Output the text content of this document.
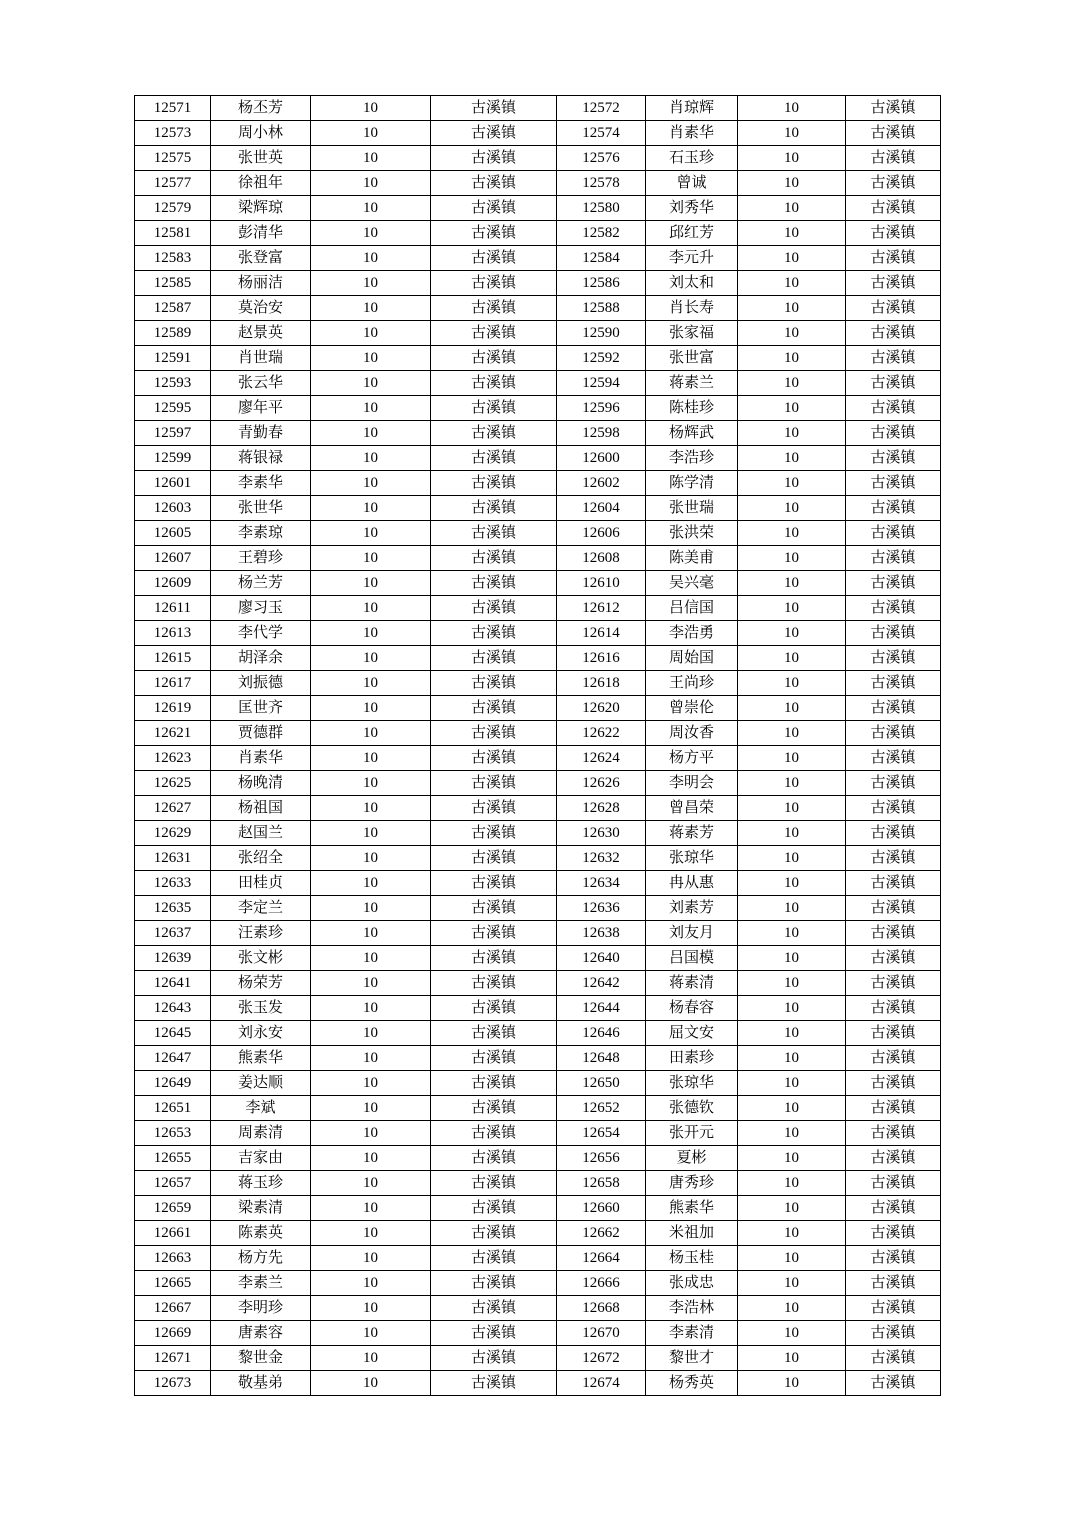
12571	杨丕芳	10	古溪镇	12572	肖琼辉	10	古溪镇
12573	周小林	10	古溪镇	12574	肖素华	10	古溪镇
12575	张世英	10	古溪镇	12576	石玉珍	10	古溪镇
12577	徐祖年	10	古溪镇	12578	曾诚	10	古溪镇
12579	梁辉琼	10	古溪镇	12580	刘秀华	10	古溪镇
12581	彭清华	10	古溪镇	12582	邱红芳	10	古溪镇
12583	张登富	10	古溪镇	12584	李元升	10	古溪镇
12585	杨丽洁	10	古溪镇	12586	刘太和	10	古溪镇
12587	莫治安	10	古溪镇	12588	肖长寿	10	古溪镇
12589	赵景英	10	古溪镇	12590	张家福	10	古溪镇
12591	肖世瑞	10	古溪镇	12592	张世富	10	古溪镇
12593	张云华	10	古溪镇	12594	蒋素兰	10	古溪镇
12595	廖年平	10	古溪镇	12596	陈桂珍	10	古溪镇
12597	青勤春	10	古溪镇	12598	杨辉武	10	古溪镇
12599	蒋银禄	10	古溪镇	12600	李浩珍	10	古溪镇
12601	李素华	10	古溪镇	12602	陈学清	10	古溪镇
12603	张世华	10	古溪镇	12604	张世瑞	10	古溪镇
12605	李素琼	10	古溪镇	12606	张洪荣	10	古溪镇
12607	王碧珍	10	古溪镇	12608	陈美甫	10	古溪镇
12609	杨兰芳	10	古溪镇	12610	吴兴毫	10	古溪镇
12611	廖习玉	10	古溪镇	12612	吕信国	10	古溪镇
12613	李代学	10	古溪镇	12614	李浩勇	10	古溪镇
12615	胡泽余	10	古溪镇	12616	周始国	10	古溪镇
12617	刘振德	10	古溪镇	12618	王尚珍	10	古溪镇
12619	匡世齐	10	古溪镇	12620	曾崇伦	10	古溪镇
12621	贾德群	10	古溪镇	12622	周汝香	10	古溪镇
12623	肖素华	10	古溪镇	12624	杨方平	10	古溪镇
12625	杨晚清	10	古溪镇	12626	李明会	10	古溪镇
12627	杨祖国	10	古溪镇	12628	曾昌荣	10	古溪镇
12629	赵国兰	10	古溪镇	12630	蒋素芳	10	古溪镇
12631	张绍全	10	古溪镇	12632	张琼华	10	古溪镇
12633	田桂贞	10	古溪镇	12634	冉从惠	10	古溪镇
12635	李定兰	10	古溪镇	12636	刘素芳	10	古溪镇
12637	汪素珍	10	古溪镇	12638	刘友月	10	古溪镇
12639	张文彬	10	古溪镇	12640	吕国模	10	古溪镇
12641	杨荣芳	10	古溪镇	12642	蒋素清	10	古溪镇
12643	张玉发	10	古溪镇	12644	杨春容	10	古溪镇
12645	刘永安	10	古溪镇	12646	屈文安	10	古溪镇
12647	熊素华	10	古溪镇	12648	田素珍	10	古溪镇
12649	姜达顺	10	古溪镇	12650	张琼华	10	古溪镇
12651	李斌	10	古溪镇	12652	张德钦	10	古溪镇
12653	周素清	10	古溪镇	12654	张开元	10	古溪镇
12655	吉家由	10	古溪镇	12656	夏彬	10	古溪镇
12657	蒋玉珍	10	古溪镇	12658	唐秀珍	10	古溪镇
12659	梁素清	10	古溪镇	12660	熊素华	10	古溪镇
12661	陈素英	10	古溪镇	12662	米祖加	10	古溪镇
12663	杨方先	10	古溪镇	12664	杨玉桂	10	古溪镇
12665	李素兰	10	古溪镇	12666	张成忠	10	古溪镇
12667	李明珍	10	古溪镇	12668	李浩林	10	古溪镇
12669	唐素容	10	古溪镇	12670	李素清	10	古溪镇
12671	黎世金	10	古溪镇	12672	黎世才	10	古溪镇
12673	敬基弟	10	古溪镇	12674	杨秀英	10	古溪镇
